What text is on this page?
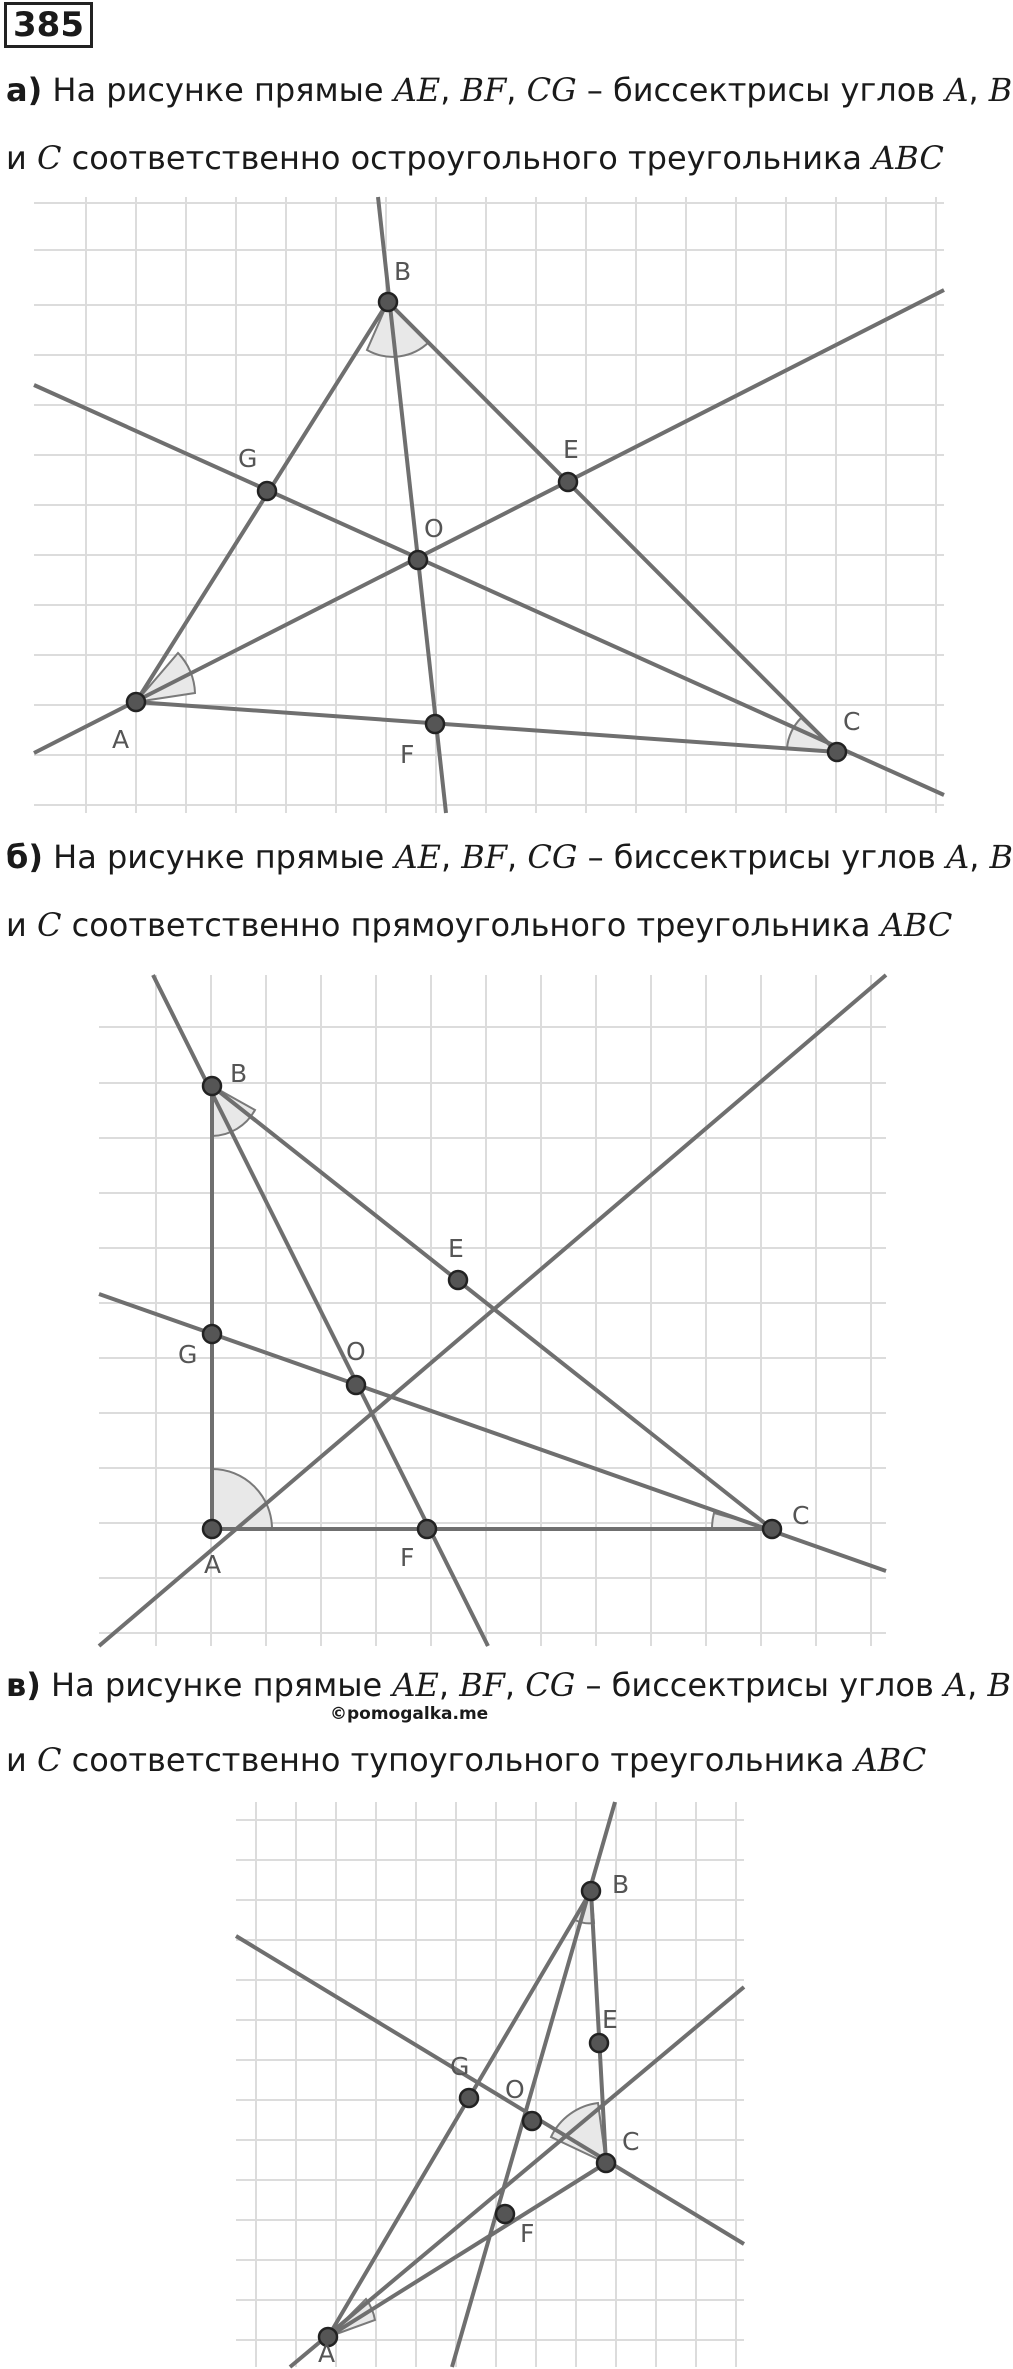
385
а) На рисунке прямые AE, BF, CG – биссектрисы углов A, B
и C соответственно остроугольного треугольника ABC
B
G	E
O
A
F
C
б) На рисунке прямые AE, BF, CG – биссектрисы углов A, B
и C соответственно прямоугольного треугольника ABC
B
E
G	O
A	F
C
в) На рисунке прямые AE, BF, CG – биссектрисы углов A, B
©pomogalka.me
и C соответственно тупоугольного треугольника ABC
B
E
G
O
C
F
A
